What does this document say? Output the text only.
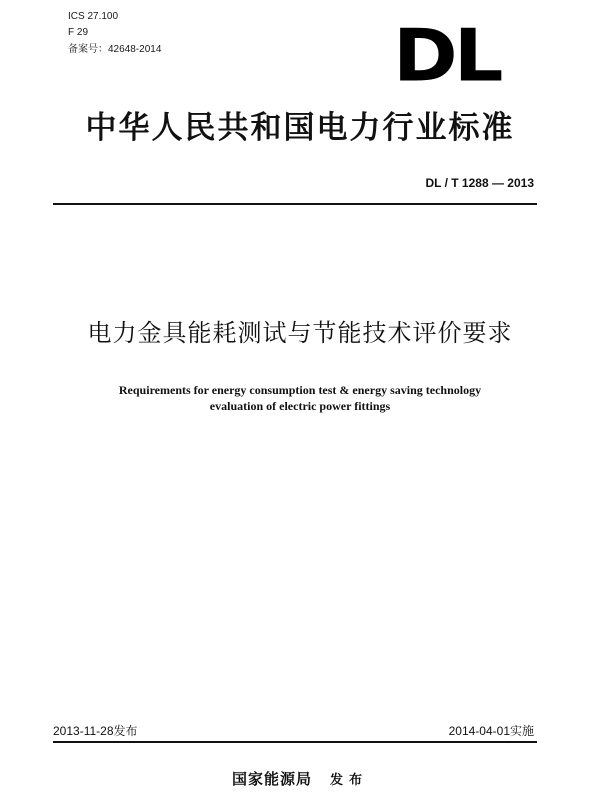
ICS 27.100
F 29
备案号：42648-2014	DL
中华人民共和国电力行业标准
DL / T 1288 — 2013
电力金具能耗测试与节能技术评价要求
Requirements for energy consumption test & energy saving technology
evaluation of electric power fittings
2013-11-28发布	2014-04-01实施
国家能源局 发布
